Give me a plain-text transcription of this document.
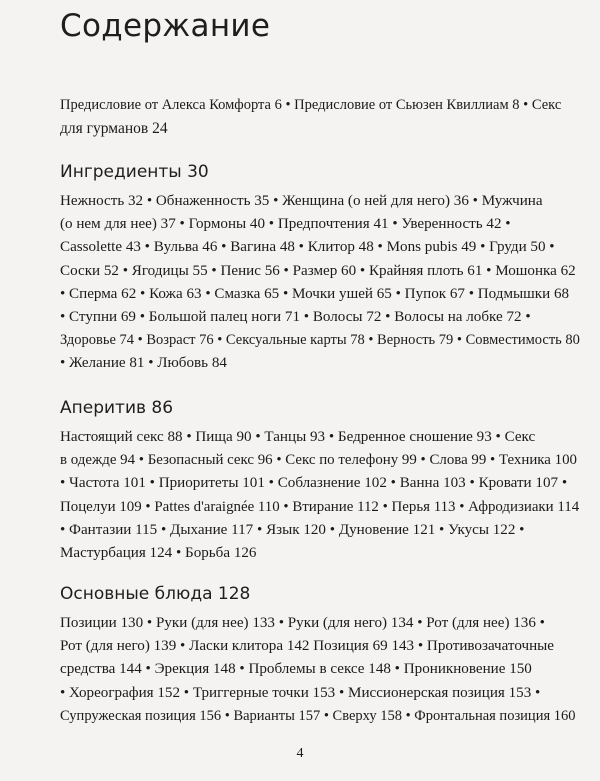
Содержание

Предисловие от Алекса Комфорта 6 • Предисловие от Сьюзен Квиллиам 8 • Секс
для гурманов 24

Ингредиенты 30

Нежность 32 • Обнаженность 35 • Женщина (о ней для него) 36 • Мужчина
(о нем для нее) 37 • Гормоны 40 • Предпочтения 41 • Уверенность 42 •
Cassolette 43 • Вульва 46 • Вагина 48 • Клитор 48 • Mons pubis 49 • Груди 50 •
Соски 52 • Ягодицы 55 • Пенис 56 • Размер 60 • Крайняя плоть 61 • Мошонка 62
• Сперма 62 • Кожа 63 • Смазка 65 • Мочки ушей 65 • Пупок 67 • Подмышки 68
• Ступни 69 • Большой палец ноги 71 • Волосы 72 • Волосы на лобке 72 •
Здоровье 74 • Возраст 76 • Сексуальные карты 78 • Верность 79 • Совместимость 80
• Желание 81 • Любовь 84

Аперитив 86

Настоящий секс 88 • Пища 90 • Танцы 93 • Бедренное сношение 93 • Секс
в одежде 94 • Безопасный секс 96 • Секс по телефону 99 • Слова 99 • Техника 100
• Частота 101 • Приоритеты 101 • Соблазнение 102 • Ванна 103 • Кровати 107 •
Поцелуи 109 • Pattes d'araignée 110 • Втирание 112 • Перья 113 • Афродизиаки 114
• Фантазии 115 • Дыхание 117 • Язык 120 • Дуновение 121 • Укусы 122 •
Мастурбация 124 • Борьба 126

Основные блюда 128

Позиции 130 • Руки (для нее) 133 • Руки (для него) 134 • Рот (для нее) 136 •
Рот (для него) 139 • Ласки клитора 142 Позиция 69 143 • Противозачаточные
средства 144 • Эрекция 148 • Проблемы в сексе 148 • Проникновение 150
• Хореография 152 • Триггерные точки 153 • Миссионерская позиция 153 •
Супружеская позиция 156 • Варианты 157 • Сверху 158 • Фронтальная позиция 160

4
